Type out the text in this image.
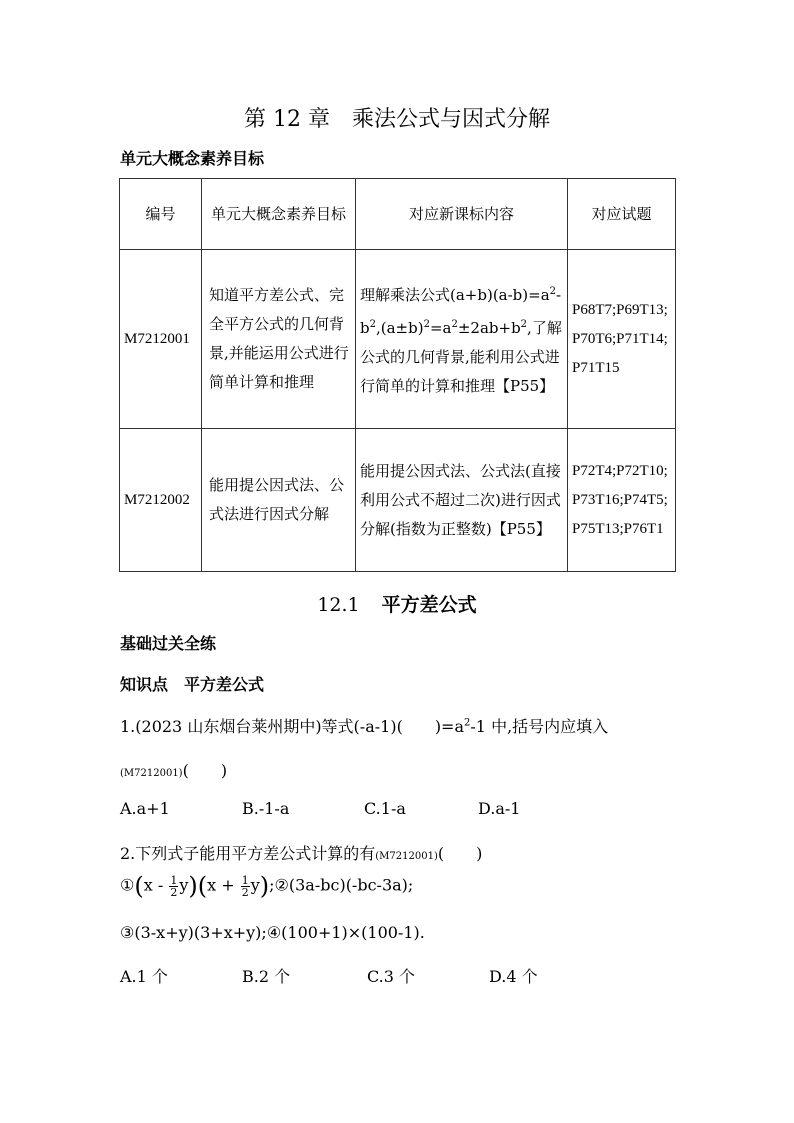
第 12 章　乘法公式与因式分解
单元大概念素养目标
编号	单元大概念素养目标	对应新课标内容	对应试题
M7212001	知道平方差公式、完全平方公式的几何背景,并能运用公式进行简单计算和推理	理解乘法公式$(a+b)(a-b)=a^2-b^2,(a\pm b)^2=a^2\pm 2ab+b^2$,了解公式的几何背景,能利用公式进行简单的计算和推理【P55】	P68T7;P69T13;P70T6;P71T14;P71T15
M7212002	能用提公因式法、公式法进行因式分解	能用提公因式法、公式法(直接利用公式不超过二次)进行因式分解(指数为正整数)【P55】	P72T4;P72T10;P73T16;P74T5;P75T13;P76T1
12.1 平方差公式
基础过关全练
知识点　平方差公式
1.(2023 山东烟台莱州期中)等式(-a-1)(　　)$=a^2-1$ 中,括号内应填入
(M7212001)(　　)
A.a+1	B.-1-a	C.1-a	D.a-1
2.下列式子能用平方差公式计算的有(M7212001)(　　)
①(x - $\frac{1}{2} y)(x + \frac{1}{2}$ y);②(3a-bc)(-bc-3a);
③(3-x+y)(3+x+y);④(100+1)×(100-1).
A.1 个	B.2 个	C.3 个	D.4 个
